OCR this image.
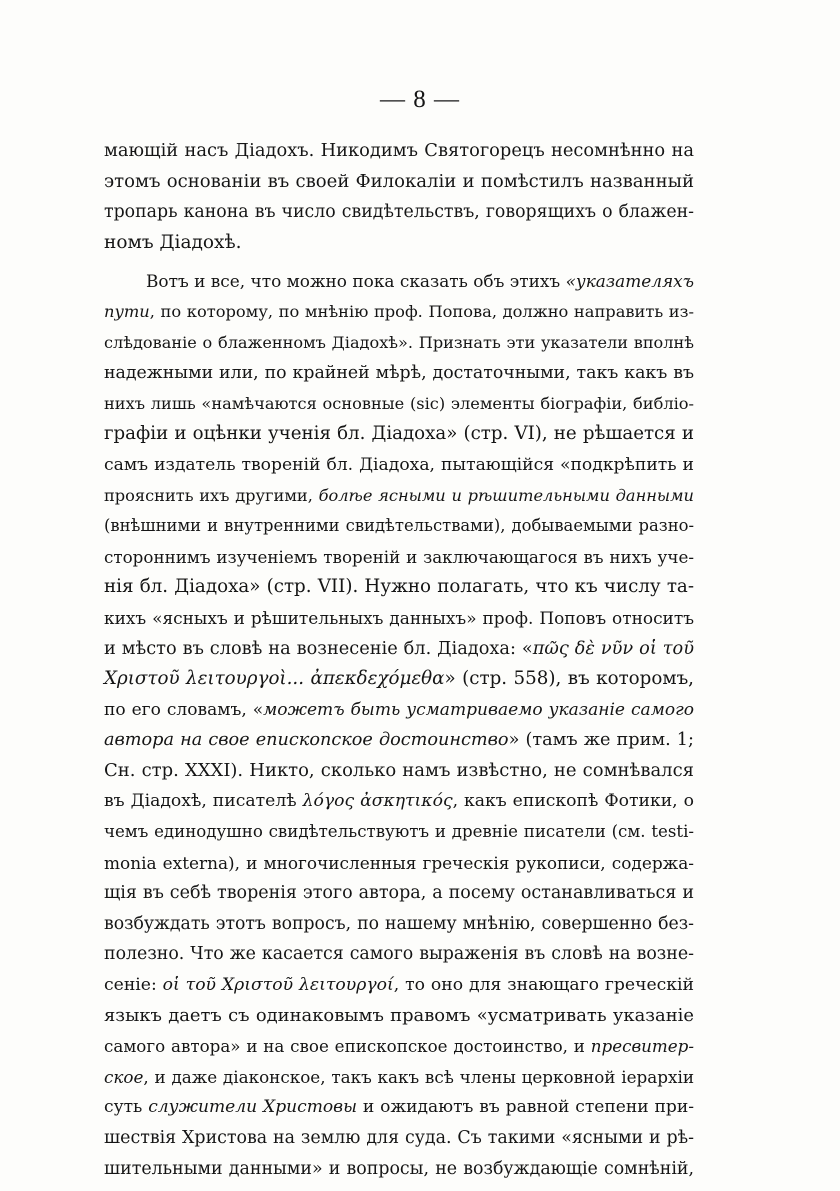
— 8 —
мающій насъ Діадохъ. Никодимъ Святогорецъ несомнѣнно на
этомъ основаніи въ своей Филокаліи и помѣстилъ названный
тропарь канона въ число свидѣтельствъ, говорящихъ о блажен-
номъ Діадохѣ.
Вотъ и все, что можно пока сказать объ этихъ «указателяхъ
пути, по которому, по мнѣнію проф. Попова, должно направить из-
слѣдованіе о блаженномъ Діадохѣ». Признать эти указатели вполнѣ
надежными или, по крайней мѣрѣ, достаточными, такъ какъ въ
нихъ лишь «намѣчаются основные (sic) элементы біографіи, библіо-
графіи и оцѣнки ученія бл. Діадоха» (стр. VI), не рѣшается и
самъ издатель твореній бл. Діадоха, пытающійся «подкрѣпить и
прояснить ихъ другими, болѣе ясными и рѣшительными данными
(внѣшними и внутренними свидѣтельствами), добываемыми разно-
стороннимъ изученіемъ твореній и заключающагося въ нихъ уче-
нія бл. Діадоха» (стр. VII). Нужно полагать, что къ числу та-
кихъ «ясныхъ и рѣшительныхъ данныхъ» проф. Поповъ относитъ
и мѣсто въ словѣ на вознесеніе бл. Діадоха: «πῶς δὲ νῦν οἱ τοῦ
Χριστοῦ λειτουργοὶ... ἀπεκδεχόμεθα» (стр. 558), въ которомъ,
по его словамъ, «можетъ быть усматриваемо указаніе самого
автора на свое епископское достоинство» (тамъ же прим. 1;
Сн. стр. XXXI). Никто, сколько намъ извѣстно, не сомнѣвался
въ Діадохѣ, писателѣ λόγος ἀσκητικός, какъ епископѣ Фотики, о
чемъ единодушно свидѣтельствуютъ и древніе писатели (см. testi-
monia externa), и многочисленныя греческія рукописи, содержа-
щія въ себѣ творенія этого автора, а посему останавливаться и
возбуждать этотъ вопросъ, по нашему мнѣнію, совершенно без-
полезно. Что же касается самого выраженія въ словѣ на возне-
сеніе: οἱ τοῦ Χριστοῦ λειτουργοί, то оно для знающаго греческій
языкъ даетъ съ одинаковымъ правомъ «усматривать указаніе
самого автора» и на свое епископское достоинство, и пресвитер-
ское, и даже діаконское, такъ какъ всѣ члены церковной іерархіи
суть служители Христовы и ожидаютъ въ равной степени при-
шествія Христова на землю для суда. Съ такими «ясными и рѣ-
шительными данными» и вопросы, не возбуждающіе сомнѣній,
